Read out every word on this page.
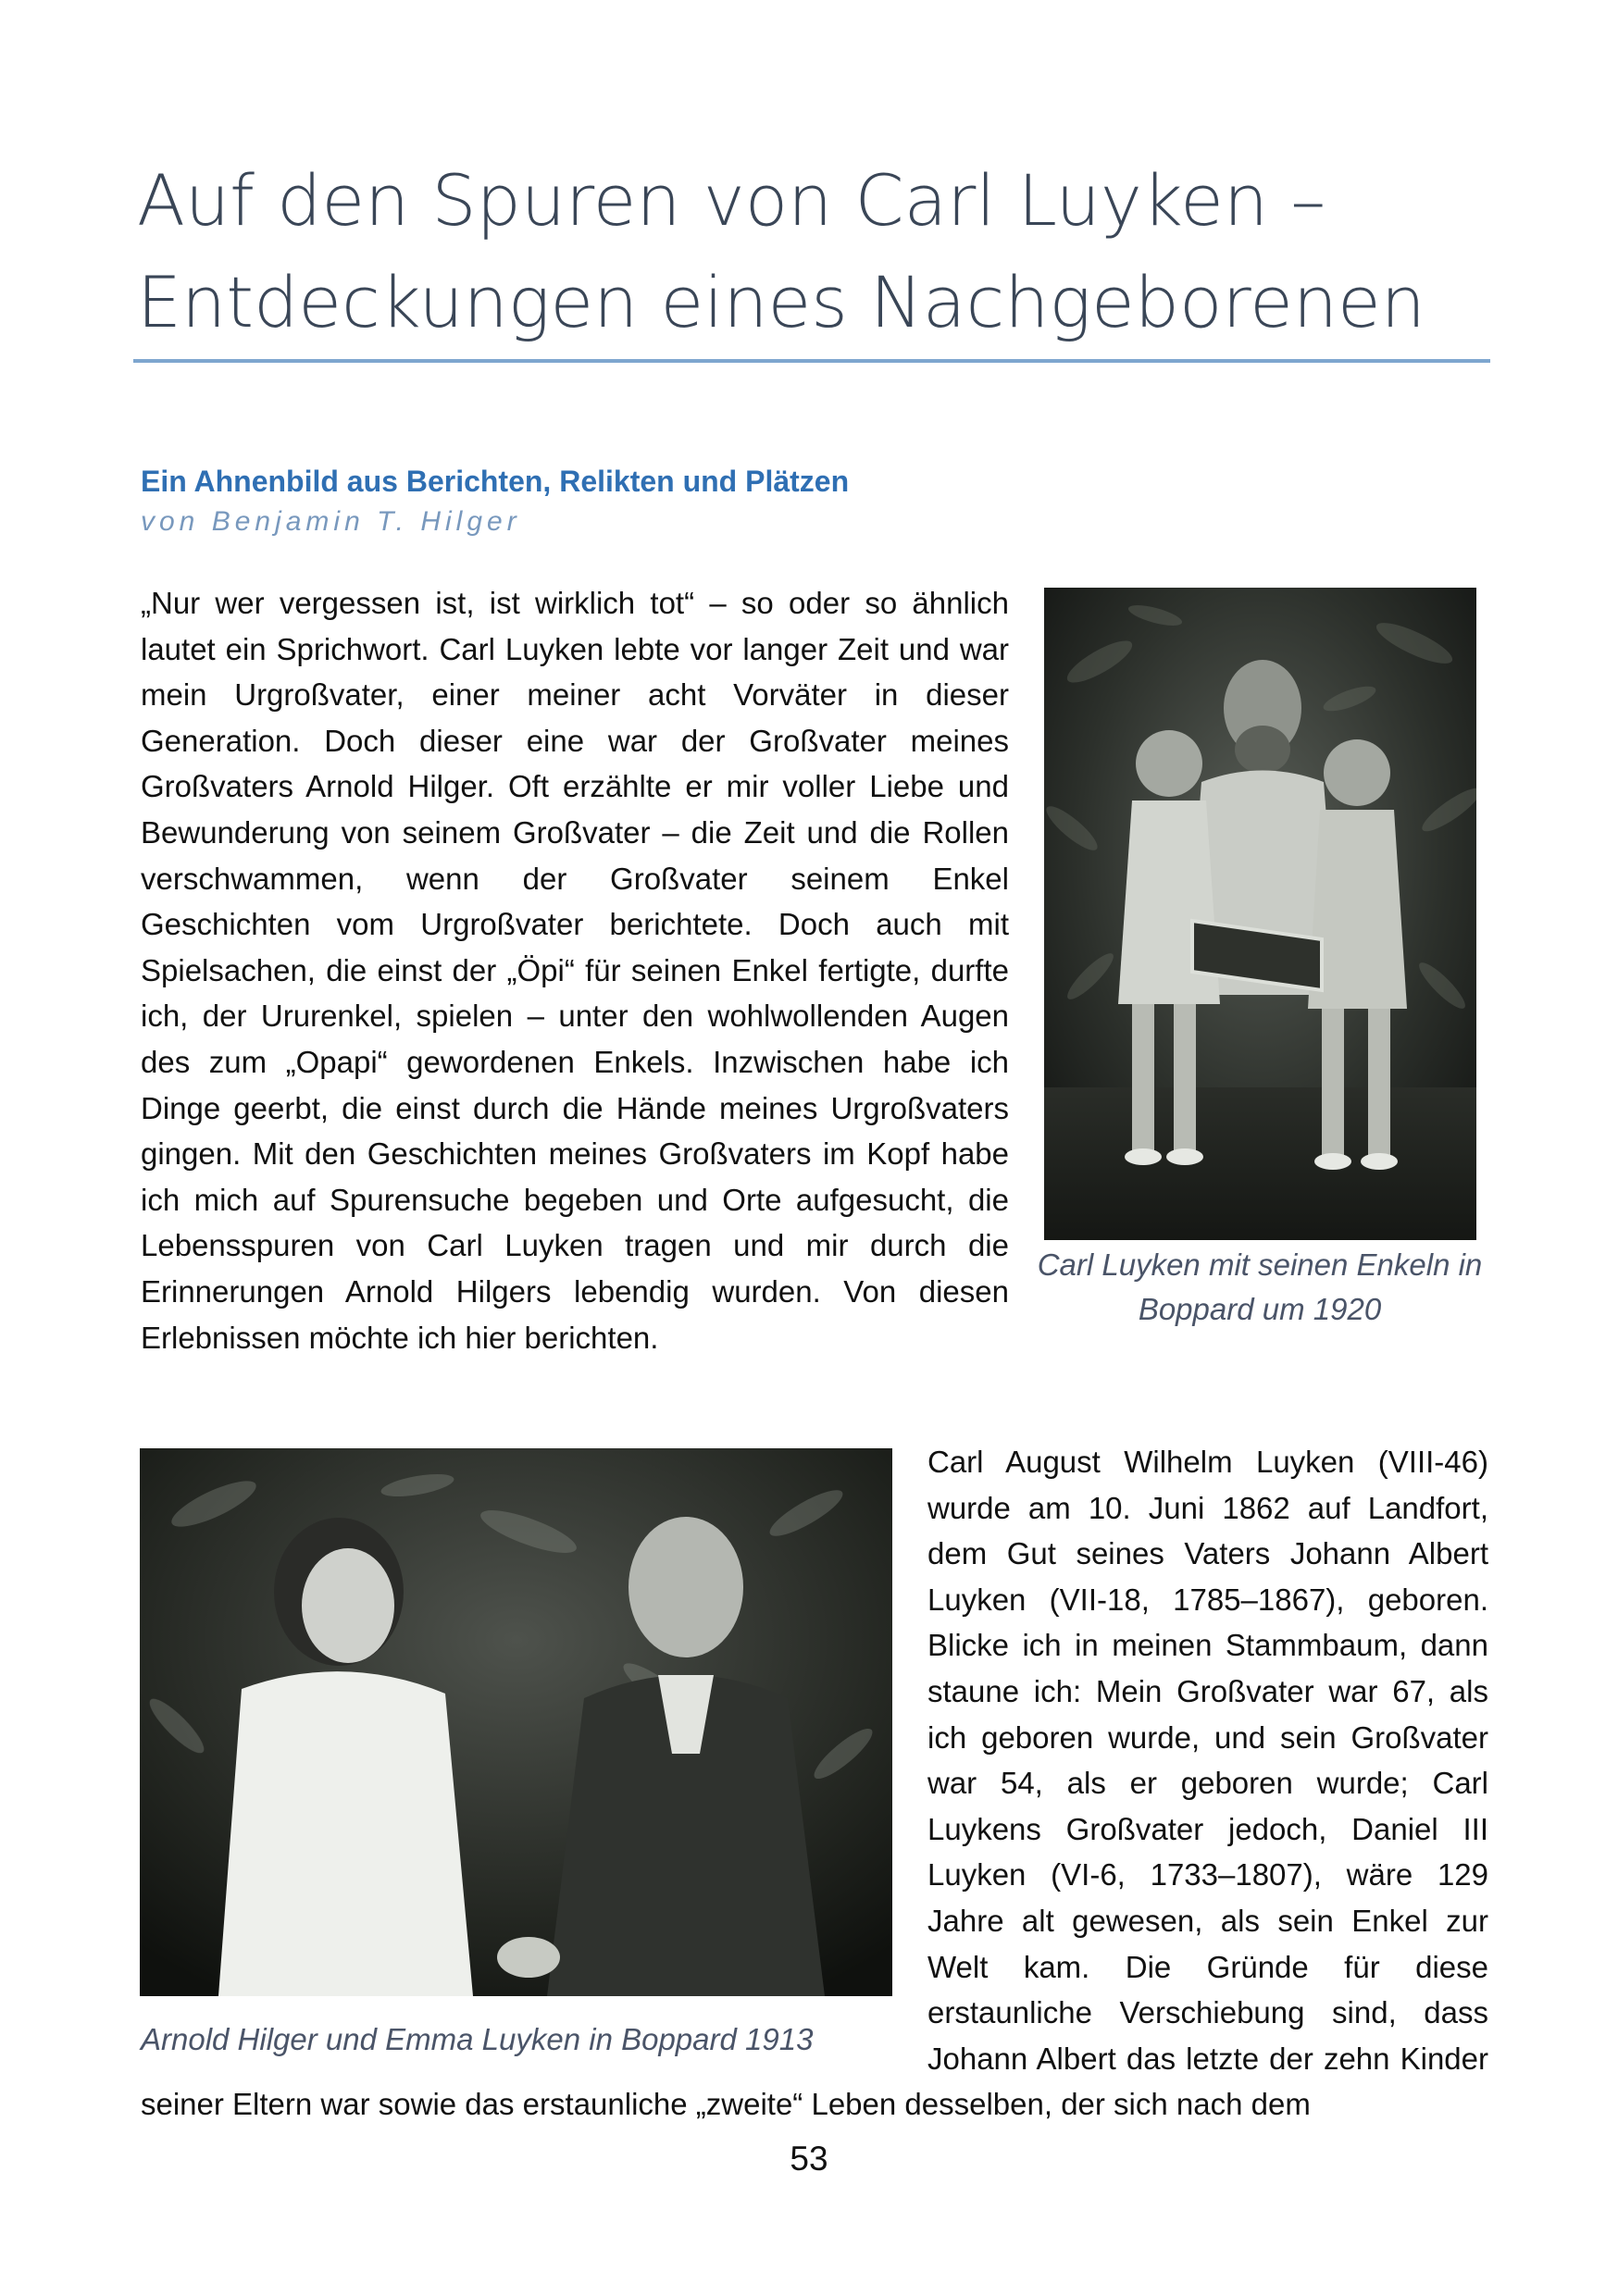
Auf den Spuren von Carl Luyken –
Entdeckungen eines Nachgeborenen
Ein Ahnenbild aus Berichten, Relikten und Plätzen
von Benjamin T. Hilger

„Nur wer vergessen ist, ist wirklich tot“ – so oder so ähnlich lautet ein Sprichwort. Carl Luyken lebte vor langer Zeit und war mein Urgroßvater, einer meiner acht Vorväter in dieser Generation. Doch dieser eine war der Großvater meines Großvaters Arnold Hilger. Oft erzählte er mir voller Liebe und Bewunderung von seinem Großvater – die Zeit und die Rollen verschwammen, wenn der Großvater seinem Enkel Geschichten vom Urgroßvater berichtete. Doch auch mit Spielsachen, die einst der „Öpi“ für seinen Enkel fertigte, durfte ich, der Ururenkel, spielen – unter den wohlwollenden Augen des zum „Opapi“ gewordenen Enkels. Inzwischen habe ich Dinge geerbt, die einst durch die Hände meines Urgroßvaters gingen. Mit den Geschichten meines Großvaters im Kopf habe ich mich auf Spurensuche begeben und Orte aufgesucht, die Lebensspuren von Carl Luyken tragen und mir durch die Erinnerungen Arnold Hilgers lebendig wurden. Von diesen Erlebnissen möchte ich hier berichten.

Carl Luyken mit seinen Enkeln in Boppard um 1920

Carl August Wilhelm Luyken (VIII-46) wurde am 10. Juni 1862 auf Landfort, dem Gut seines Vaters Johann Albert Luyken (VII-18, 1785–1867), geboren. Blicke ich in meinen Stammbaum, dann staune ich: Mein Großvater war 67, als ich geboren wurde, und sein Großvater war 54, als er geboren wurde; Carl Luykens Großvater jedoch, Daniel III Luyken (VI-6, 1733–1807), wäre 129 Jahre alt gewesen, als sein Enkel zur Welt kam. Die Gründe für diese erstaunliche Verschiebung sind, dass Johann Albert das letzte der zehn Kinder seiner Eltern war sowie das erstaunliche „zweite“ Leben desselben, der sich nach dem

Arnold Hilger und Emma Luyken in Boppard 1913

53
